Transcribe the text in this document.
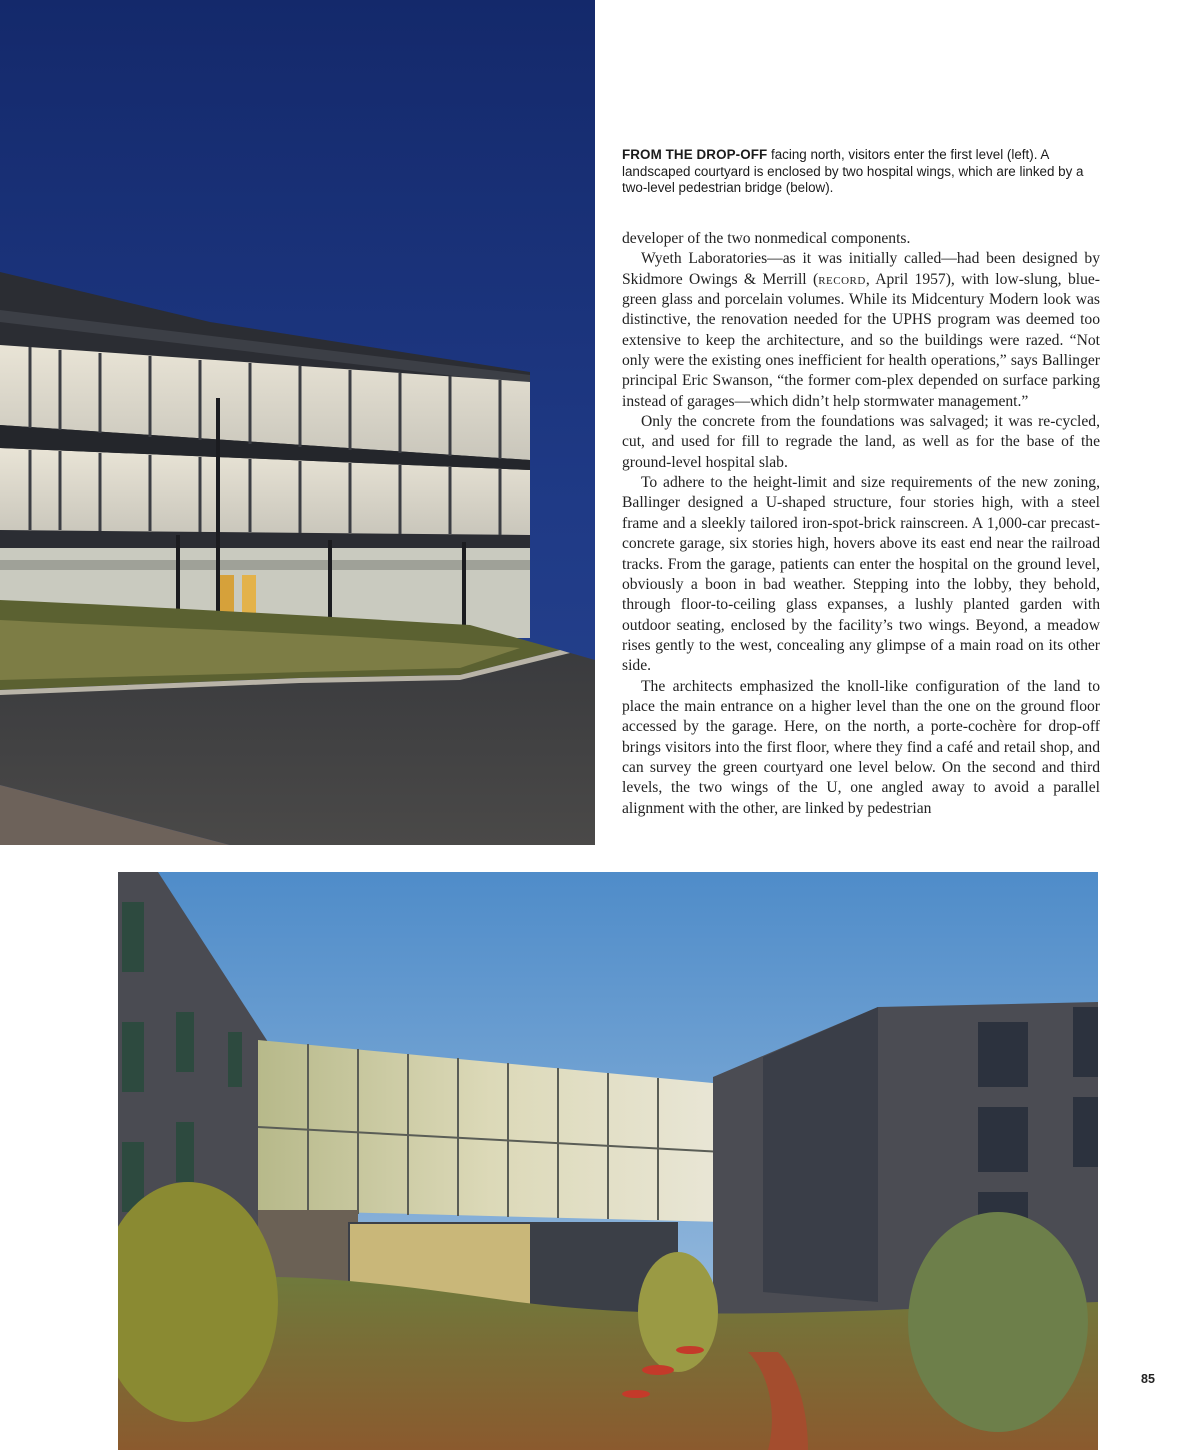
FROM THE DROP-OFF facing north, visitors enter the first level (left). A landscaped courtyard is enclosed by two hospital wings, which are linked by a two-level pedestrian bridge (below).

developer of the two nonmedical components.

Wyeth Laboratories—as it was initially called—had been designed by Skidmore Owings & Merrill (record, April 1957), with low-slung, blue-green glass and porcelain volumes. While its Midcentury Modern look was distinctive, the renovation needed for the UPHS program was deemed too extensive to keep the architecture, and so the buildings were razed. “Not only were the existing ones inefficient for health operations,” says Ballinger principal Eric Swanson, “the former com-plex depended on surface parking instead of garages—which didn’t help stormwater management.”

Only the concrete from the foundations was salvaged; it was re-cycled, cut, and used for fill to regrade the land, as well as for the base of the ground-level hospital slab.

To adhere to the height-limit and size requirements of the new zoning, Ballinger designed a U-shaped structure, four stories high, with a steel frame and a sleekly tailored iron-spot-brick rainscreen. A 1,000-car precast-concrete garage, six stories high, hovers above its east end near the railroad tracks. From the garage, patients can enter the hospital on the ground level, obviously a boon in bad weather. Stepping into the lobby, they behold, through floor-to-ceiling glass expanses, a lushly planted garden with outdoor seating, enclosed by the facility’s two wings. Beyond, a meadow rises gently to the west, concealing any glimpse of a main road on its other side.

The architects emphasized the knoll-like configuration of the land to place the main entrance on a higher level than the one on the ground floor accessed by the garage. Here, on the north, a porte-cochère for drop-off brings visitors into the first floor, where they find a café and retail shop, and can survey the green courtyard one level below. On the second and third levels, the two wings of the U, one angled away to avoid a parallel alignment with the other, are linked by pedestrian

85
